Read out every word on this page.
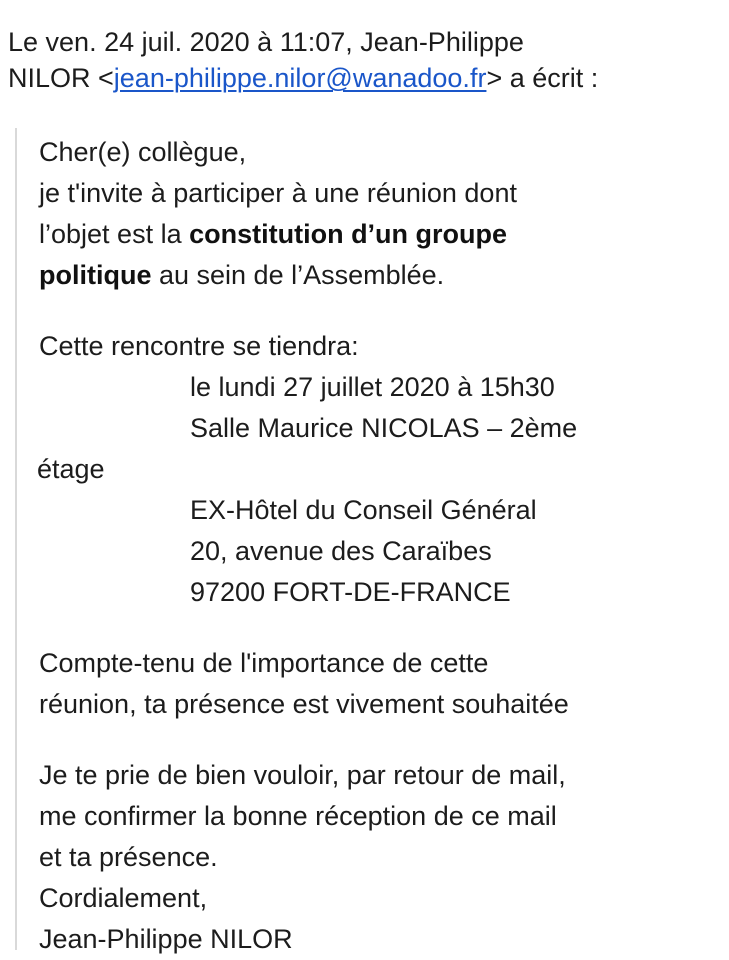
Le ven. 24 juil. 2020 à 11:07, Jean-Philippe
NILOR <jean-philippe.nilor@wanadoo.fr> a écrit :
Cher(e) collègue,
je t'invite à participer à une réunion dont
l’objet est la constitution d’un groupe
politique au sein de l’Assemblée.
Cette rencontre se tiendra:
le lundi 27 juillet 2020 à 15h30
Salle Maurice NICOLAS – 2ème
étage
EX-Hôtel du Conseil Général
20, avenue des Caraïbes
97200 FORT-DE-FRANCE
Compte-tenu de l'importance de cette
réunion, ta présence est vivement souhaitée
Je te prie de bien vouloir, par retour de mail,
me confirmer la bonne réception de ce mail
et ta présence.
Cordialement,
Jean-Philippe NILOR
